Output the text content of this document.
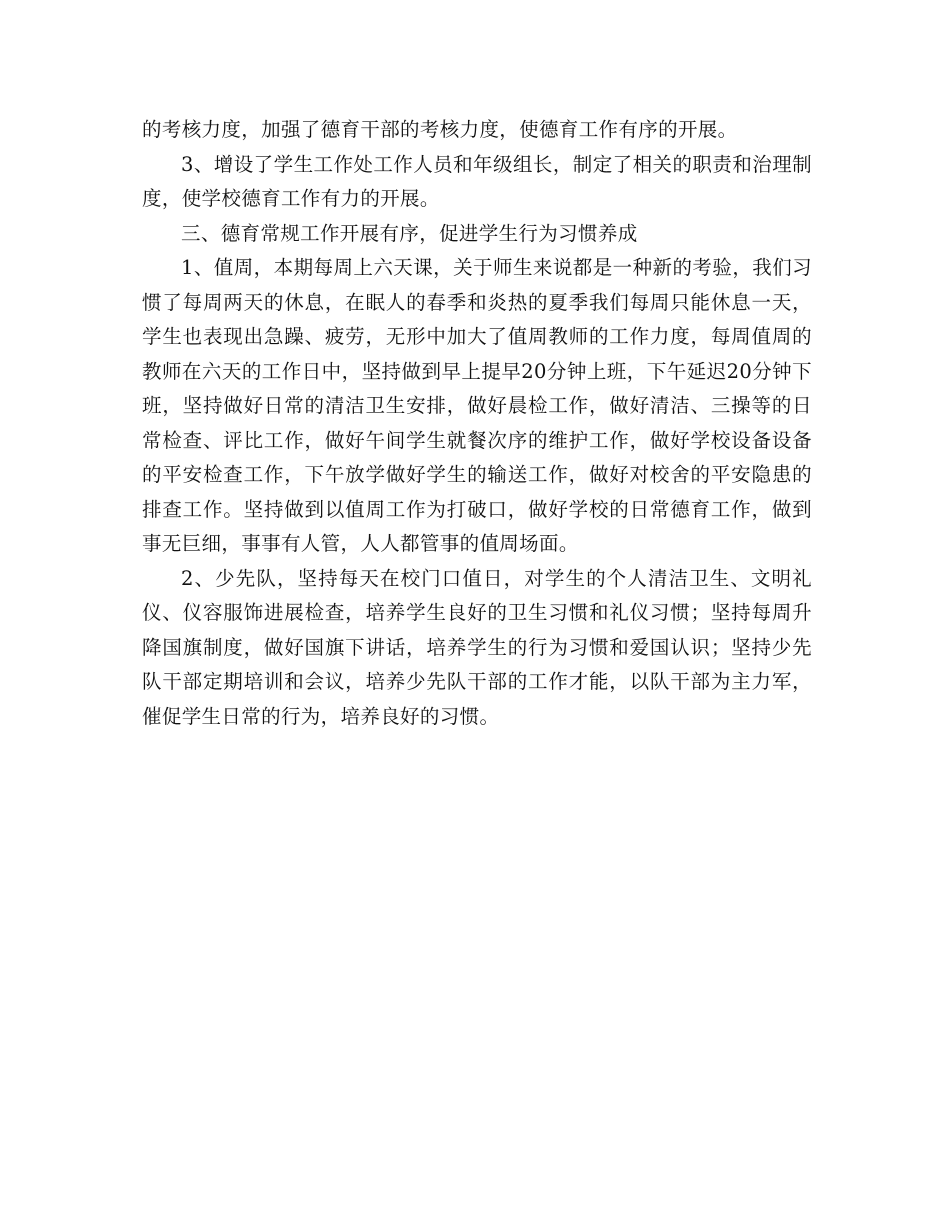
的考核力度，加强了德育干部的考核力度，使德育工作有序的开展。

3、增设了学生工作处工作人员和年级组长，制定了相关的职责和治理制度，使学校德育工作有力的开展。

三、德育常规工作开展有序，促进学生行为习惯养成

1、值周，本期每周上六天课，关于师生来说都是一种新的考验，我们习惯了每周两天的休息，在眠人的春季和炎热的夏季我们每周只能休息一天，学生也表现出急躁、疲劳，无形中加大了值周教师的工作力度，每周值周的教师在六天的工作日中，坚持做到早上提早20分钟上班，下午延迟20分钟下班，坚持做好日常的清洁卫生安排，做好晨检工作，做好清洁、三操等的日常检查、评比工作，做好午间学生就餐次序的维护工作，做好学校设备设备的平安检查工作，下午放学做好学生的输送工作，做好对校舍的平安隐患的排查工作。坚持做到以值周工作为打破口，做好学校的日常德育工作，做到事无巨细，事事有人管，人人都管事的值周场面。

2、少先队，坚持每天在校门口值日，对学生的个人清洁卫生、文明礼仪、仪容服饰进展检查，培养学生良好的卫生习惯和礼仪习惯；坚持每周升降国旗制度，做好国旗下讲话，培养学生的行为习惯和爱国认识；坚持少先队干部定期培训和会议，培养少先队干部的工作才能，以队干部为主力军，催促学生日常的行为，培养良好的习惯。
